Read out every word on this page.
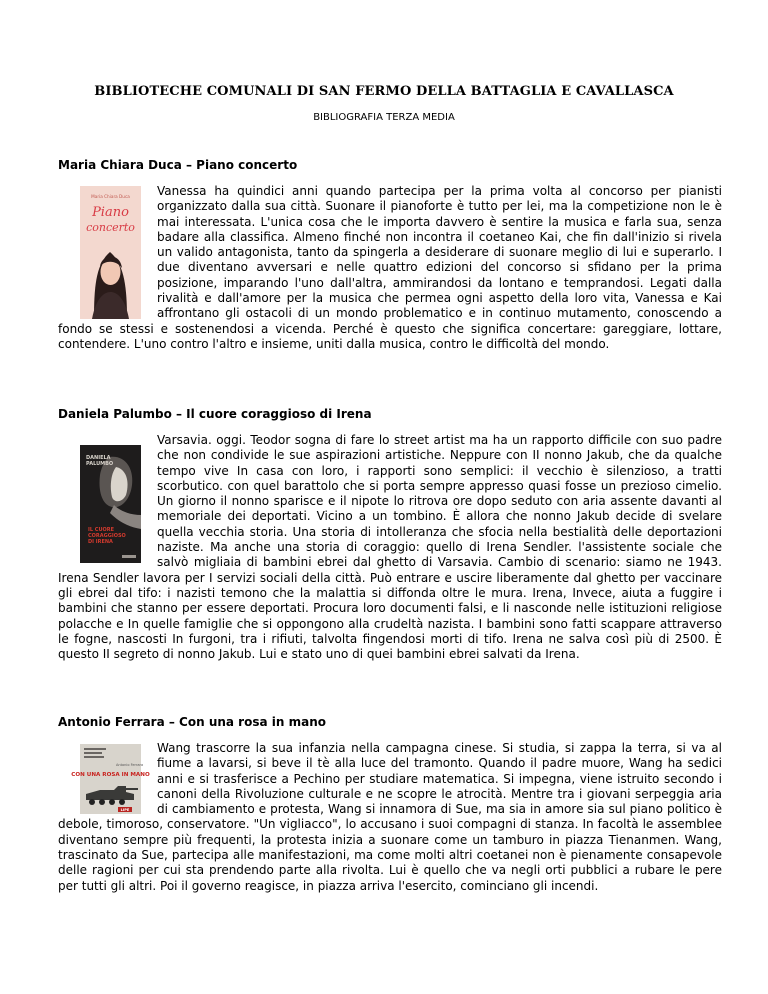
BIBLIOTECHE COMUNALI DI SAN FERMO DELLA BATTAGLIA E CAVALLASCA
BIBLIOGRAFIA TERZA MEDIA
Maria Chiara Duca – Piano concerto

Maria Chiara Duca
Piano
concerto
Vanessa ha quindici anni quando partecipa per la prima volta al concorso per pianisti organizzato dalla sua città. Suonare il pianoforte è tutto per lei, ma la competizione non le è mai interessata. L'unica cosa che le importa davvero è sentire la musica e farla sua, senza badare alla classifica. Almeno finché non incontra il coetaneo Kai, che fin dall'inizio si rivela un valido antagonista, tanto da spingerla a desiderare di suonare meglio di lui e superarlo. I due diventano avversari e nelle quattro edizioni del concorso si sfidano per la prima posizione, imparando l'uno dall'altra, ammirandosi da lontano e temprandosi. Legati dalla rivalità e dall'amore per la musica che permea ogni aspetto della loro vita, Vanessa e Kai affrontano gli ostacoli di un mondo problematico e in continuo mutamento, conoscendo a fondo se stessi e sostenendosi a vicenda. Perché è questo che significa concertare: gareggiare, lottare, contendere. L'uno contro l'altro e insieme, uniti dalla musica, contro le difficoltà del mondo.

Daniela Palumbo – Il cuore coraggioso di Irena

DANIELA
PALUMBO
IL CUORE
CORAGGIOSO
DI IRENA
Varsavia. oggi. Teodor sogna di fare lo street artist ma ha un rapporto difficile con suo padre che non condivide le sue aspirazioni artistiche. Neppure con II nonno Jakub, che da qualche tempo vive In casa con loro, i rapporti sono semplici: il vecchio è silenzioso, a tratti scorbutico. con quel barattolo che si porta sempre appresso quasi fosse un prezioso cimelio. Un giorno il nonno sparisce e il nipote lo ritrova ore dopo seduto con aria assente davanti al memoriale dei deportati. Vicino a un tombino. È allora che nonno Jakub decide di svelare quella vecchia storia. Una storia di intolleranza che sfocia nella bestialità delle deportazioni naziste. Ma anche una storia di coraggio: quello di Irena Sendler. l'assistente sociale che salvò migliaia di bambini ebrei dal ghetto di Varsavia. Cambio di scenario: siamo ne 1943. Irena Sendler lavora per I servizi sociali della città. Può entrare e uscire liberamente dal ghetto per vaccinare gli ebrei dal tifo: i nazisti temono che la malattia si diffonda oltre le mura. Irena, Invece, aiuta a fuggire i bambini che stanno per essere deportati. Procura loro documenti falsi, e li nasconde nelle istituzioni religiose polacche e In quelle famiglie che si oppongono alla crudeltà nazista. I bambini sono fatti scappare attraverso le fogne, nascosti In furgoni, tra i rifiuti, talvolta fingendosi morti di tifo. Irena ne salva così più di 2500. È questo II segreto di nonno Jakub. Lui e stato uno di quei bambini ebrei salvati da Irena.

Antonio Ferrara – Con una rosa in mano

Antonio Ferrara
CON UNA ROSA IN MANO
LIPE
Wang trascorre la sua infanzia nella campagna cinese. Si studia, si zappa la terra, si va al fiume a lavarsi, si beve il tè alla luce del tramonto. Quando il padre muore, Wang ha sedici anni e si trasferisce a Pechino per studiare matematica. Si impegna, viene istruito secondo i canoni della Rivoluzione culturale e ne scopre le atrocità. Mentre tra i giovani serpeggia aria di cambiamento e protesta, Wang si innamora di Sue, ma sia in amore sia sul piano politico è debole, timoroso, conservatore. "Un vigliacco", lo accusano i suoi compagni di stanza. In facoltà le assemblee diventano sempre più frequenti, la protesta inizia a suonare come un tamburo in piazza Tienanmen. Wang, trascinato da Sue, partecipa alle manifestazioni, ma come molti altri coetanei non è pienamente consapevole delle ragioni per cui sta prendendo parte alla rivolta. Lui è quello che va negli orti pubblici a rubare le pere per tutti gli altri. Poi il governo reagisce, in piazza arriva l'esercito, cominciano gli incendi.
